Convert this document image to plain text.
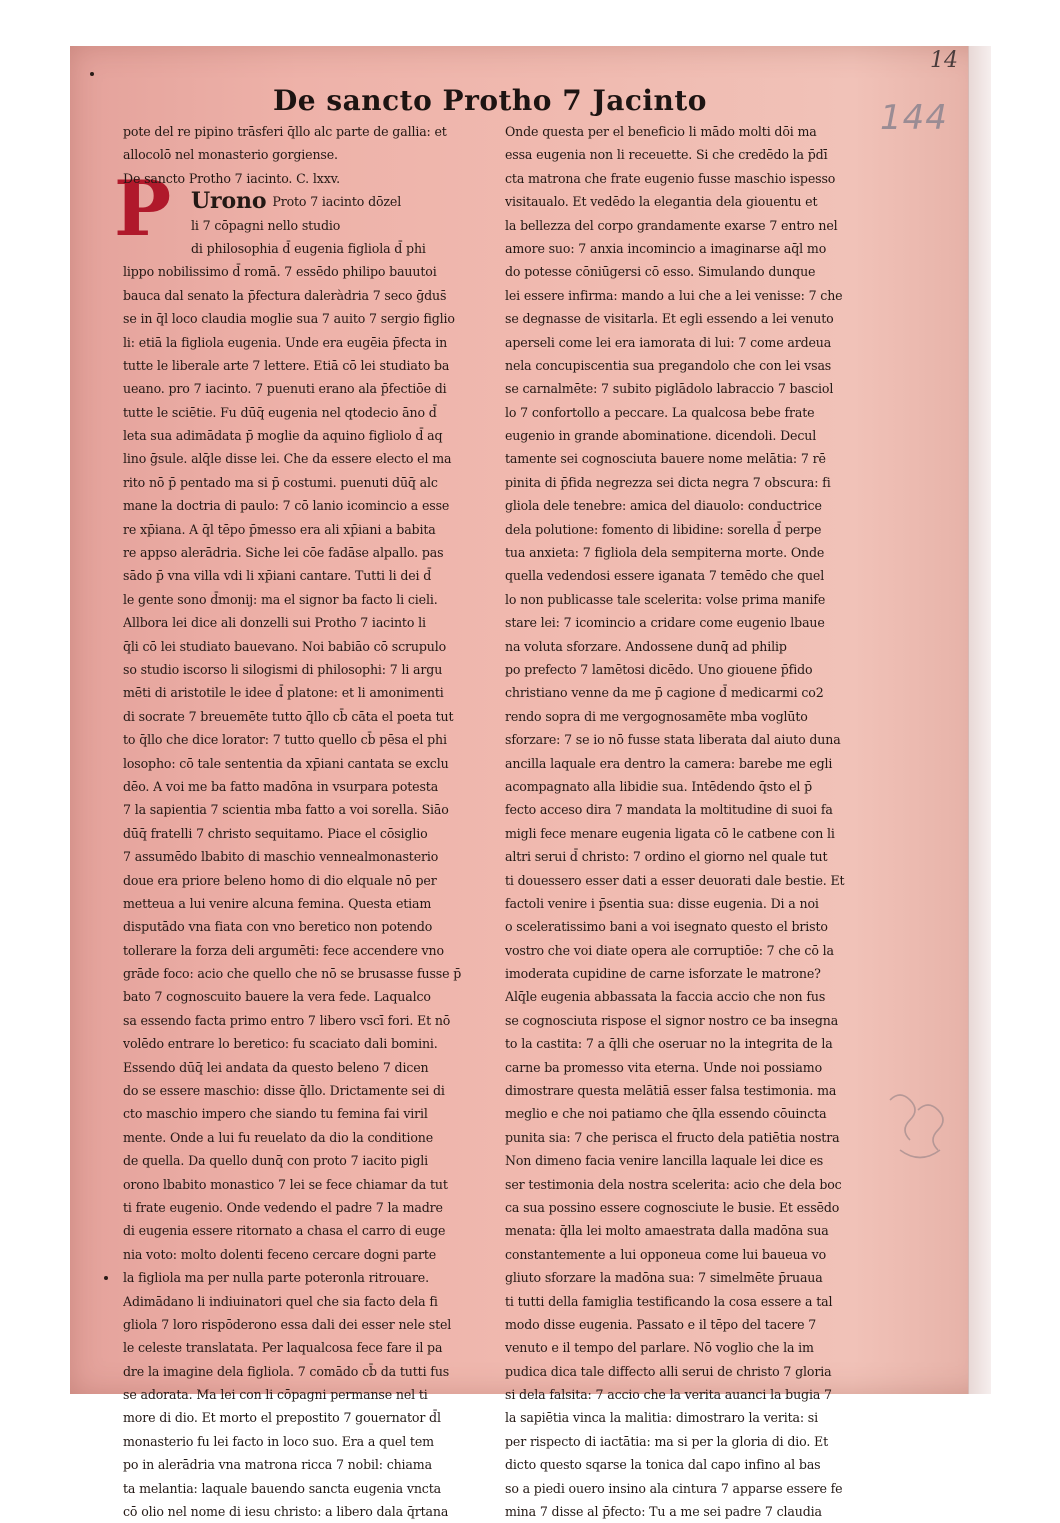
14
144
De sancto Protho 7 Jacinto
P
pote del re pipino trāsferi q̄llo alc parte de gallia: et
allocolō nel monasterio gorgiense.
De sancto Protho 7 iacinto. C. lxxv.
Urono Proto 7 iacinto dōzel
li 7 cōpagni nello studio
di philosophia d̄ eugenia figliola d̄ phi
lippo nobilissimo d̄ romā. 7 essēdo philipo bauutoi
bauca dal senato la p̄fectura daleràdria 7 seco ḡdus̄
se in q̄l loco claudia moglie sua 7 auito 7 sergio figlio
li: etiā la figliola eugenia. Unde era eugēia p̄fecta in
tutte le liberale arte 7 lettere. Etiā cō lei studiato ba
ueano. pro 7 iacinto. 7 puenuti erano ala p̄fectiōe di
tutte le sciētie. Fu dūq̄ eugenia nel qtodecio āno d̄
leta sua adimādata p̄ moglie da aquino figliolo d̄ aq
lino ḡsule. alq̄le disse lei. Che da essere electo el ma
rito nō p̄ pentado ma si p̄ costumi. puenuti dūq̄ alc
mane la doctria di paulo: 7 cō lanio icomincio a esse
re xp̄iana. A q̄l tēpo p̄messo era ali xp̄iani a babita
re appso alerādria. Siche lei cōe fadāse alpallo. pas
sādo p̄ vna villa vdi li xp̄iani cantare. Tutti li dei d̄
le gente sono d̄monij: ma el signor ba facto li cieli.
Allbora lei dice ali donzelli sui Protho 7 iacinto li
q̄li cō lei studiato bauevano. Noi babiāo cō scrupulo
so studio iscorso li silogismi di philosophi: 7 li argu
mēti di aristotile le idee d̄ platone: et li amonimenti
di socrate 7 breuemēte tutto q̄llo cb̄ cāta el poeta tut
to q̄llo che dice lorator: 7 tutto quello cb̄ pēsa el phi
losopho: cō tale sententia da xp̄iani cantata se exclu
dēo. A voi me ba fatto madōna in vsurpara potesta
7 la sapientia 7 scientia mba fatto a voi sorella. Siāo
dūq̄ fratelli 7 christo sequitamo. Piace el cōsiglio
7 assumēdo lbabito di maschio vennealmonasterio
doue era priore beleno homo di dio elquale nō per
metteua a lui venire alcuna femina. Questa etiam
disputādo vna fiata con vno beretico non potendo
tollerare la forza deli argumēti: fece accendere vno
grāde foco: acio che quello che nō se brusasse fusse p̄
bato 7 cognoscuito bauere la vera fede. Laqualco
sa essendo facta primo entro 7 libero vscī fori. Et nō
volēdo entrare lo beretico: fu scaciato dali bomini.
Essendo dūq̄ lei andata da questo beleno 7 dicen
do se essere maschio: disse q̄llo. Drictamente sei di
cto maschio impero che siando tu femina fai viril
mente. Onde a lui fu reuelato da dio la conditione
de quella. Da quello dunq̄ con proto 7 iacito pigli
orono lbabito monastico 7 lei se fece chiamar da tut
ti frate eugenio. Onde vedendo el padre 7 la madre
di eugenia essere ritornato a chasa el carro di euge
nia voto: molto dolenti feceno cercare dogni parte
la figliola ma per nulla parte poteronla ritrouare.
Adimādano li indiuinatori quel che sia facto dela fi
gliola 7 loro rispōderono essa dali dei esser nele stel
le celeste translatata. Per laqualcosa fece fare il pa
dre la imagine dela figliola. 7 comādo cb̄ da tutti fus
se adorata. Ma lei con li cōpagni permanse nel ti
more di dio. Et morto el prepostito 7 gouernator d̄l
monasterio fu lei facto in loco suo. Era a quel tem
po in alerādria vna matrona ricca 7 nobil: chiama
ta melantia: laquale bauendo sancta eugenia vncta
cō olio nel nome di iesu christo: a libero dala q̄rtana
Onde questa per el beneficio li mādo molti dōi ma
essa eugenia non li receuette. Si che credēdo la p̄dī
cta matrona che frate eugenio fusse maschio ispesso
visitaualo. Et vedēdo la elegantia dela giouentu et
la bellezza del corpo grandamente exarse 7 entro nel
amore suo: 7 anxia incomincio a imaginarse aq̄l mo
do potesse cōniūgersi cō esso. Simulando dunque
lei essere infirma: mando a lui che a lei venisse: 7 che
se degnasse de visitarla. Et egli essendo a lei venuto
aperseli come lei era iamorata di lui: 7 come ardeua
nela concupiscentia sua pregandolo che con lei vsas
se carnalmēte: 7 subito piglādolo labraccio 7 basciol
lo 7 confortollo a peccare. La qualcosa bebe frate
eugenio in grande abominatione. dicendoli. Decul
tamente sei cognosciuta bauere nome melātia: 7 rē
pinita di p̄fida negrezza sei dicta negra 7 obscura: fi
gliola dele tenebre: amica del diauolo: conductrice
dela polutione: fomento di libidine: sorella d̄ perpe
tua anxieta: 7 figliola dela sempiterna morte. Onde
quella vedendosi essere iganata 7 temēdo che quel
lo non publicasse tale scelerita: volse prima manife
stare lei: 7 icomincio a cridare come eugenio lbaue
na voluta sforzare. Andossene dunq̄ ad philip
po prefecto 7 lamētosi dicēdo. Uno giouene p̄fido
christiano venne da me p̄ cagione d̄ medicarmi co2
rendo sopra di me vergognosamēte mba voglūto
sforzare: 7 se io nō fusse stata liberata dal aiuto duna
ancilla laquale era dentro la camera: barebe me egli
acompagnato alla libidie sua. Intēdendo q̄sto el p̄
fecto acceso dira 7 mandata la moltitudine di suoi fa
migli fece menare eugenia ligata cō le catbene con li
altri serui d̄ christo: 7 ordino el giorno nel quale tut
ti douessero esser dati a esser deuorati dale bestie. Et
factoli venire i p̄sentia sua: disse eugenia. Di a noi
o sceleratissimo bani a voi isegnato questo el bristo
vostro che voi diate opera ale corruptiōe: 7 che cō la
imoderata cupidine de carne isforzate le matrone?
Alq̄le eugenia abbassata la faccia accio che non fus
se cognosciuta rispose el signor nostro ce ba insegna
to la castita: 7 a q̄lli che oseruar no la integrita de la
carne ba promesso vita eterna. Unde noi possiamo
dimostrare questa melātiā esser falsa testimonia. ma
meglio e che noi patiamo che q̄lla essendo cōuincta
punita sia: 7 che perisca el fructo dela patiētia nostra
Non dimeno facia venire lancilla laquale lei dice es
ser testimonia dela nostra scelerita: acio che dela boc
ca sua possino essere cognosciute le busie. Et essēdo
menata: q̄lla lei molto amaestrata dalla madōna sua
constantemente a lui opponeua come lui baueua vo
gliuto sforzare la madōna sua: 7 simelmēte p̄ruaua
ti tutti della famiglia testificando la cosa essere a tal
modo disse eugenia. Passato e il tēpo del tacere 7
venuto e il tempo del parlare. Nō voglio che la im
pudica dica tale diffecto alli serui de christo 7 gloria
si dela falsita: 7 accio che la verita auanci la bugia 7
la sapiētia vinca la malitia: dimostraro la verita: si
per rispecto di iactātia: ma si per la gloria di dio. Et
dicto questo sqarse la tonica dal capo infino al bas
so a piedi ouero insino ala cintura 7 apparse essere fe
mina 7 disse al p̄fecto: Tu a me sei padre 7 claudia
